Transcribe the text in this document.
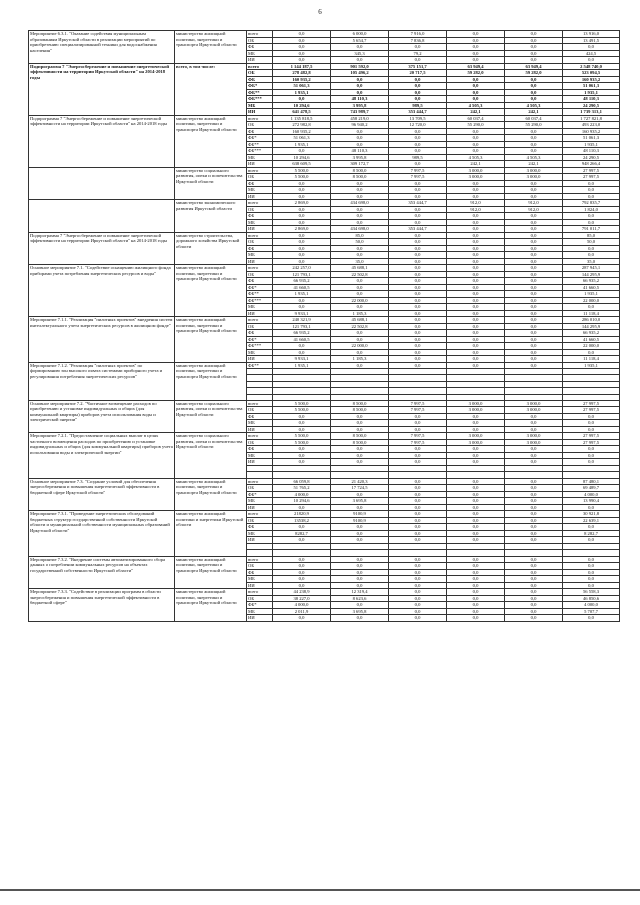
6
Мероприятие 6.3.1. "Оказание содействия муниципальным образованиям Иркутской области в реализации мероприятий по приобретению специализированной техники для водоснабжения населения"	министерство жилищной политики, энергетики и транспорта Иркутской области	всего	0,0	6 000,0	7 916,0	0,0	0,0	13 916,0
		ОБ	0,0	5 654,7	7 836,8	0,0	0,0	13 491,5
		ФБ	0,0	0,0	0,0	0,0	0,0	0,0
		МБ	0,0	345,3	79,2	0,0	0,0	424,5
		ИИ	0,0	0,0	0,0	0,0	0,0	0,0
Подпрограмма 7 "Энергосбережение и повышение энергетической эффективности на территории Иркутской области" на 2014-2018 годы	всего, в том числе:	всего	1 144 187,5	901 592,0	375 151,7	63 949,4	63 949,4	2 548 740,0
		ОБ	278 482,8	105 496,2	20 717,5	59 282,0	59 282,0	523 094,5
		ФБ	160 935,2	0,0	0,0	0,0	0,0	160 935,2
		ФБ*	51 061,3	0,0	0,0	0,0	0,0	51 061,3
		ФБ**	1 935,1	0,0	0,0	0,0	0,0	1 935,1
		ФБ***	0,0	48 110,3	0,0	0,0	0,0	48 110,3
		МБ	10 294,6	3 995,8	989,5	4 505,3	4 505,3	24 290,5
		ИИ	641 478,5	743 989,7	353 444,7	242,1	242,1	1 739 313,1
Подпрограмма 7 "Энергосбережение и повышение энергетической эффективности на территории Иркутской области" на 2014-2018 годы	министерство жилищной политики, энергетики и транспорта Иркутской области	всего	1 135 818,5	458 219,0	13 709,5	60 037,4	60 037,4	1 727 821,8
		ОБ	272 982,8	96 940,2	12 720,0	55 290,0	55 290,0	493 223,0
		ФБ	160 935,2	0,0	0,0	0,0	0,0	160 935,2
		ФБ*	51 061,3	0,0	0,0	0,0	0,0	51 061,3
		ФБ**	1 935,1	0,0	0,0	0,0	0,0	1 935,1
		ФБ***	0,0	48 110,3	0,0	0,0	0,0	48 110,3
		МБ	10 294,6	3 995,8	989,5	4 505,3	4 505,3	24 290,5
		ИИ	638 609,5	309 172,7	0,0	242,1	242,1	948 266,4
	министерство социального развития, опеки и попечительства Иркутской области	всего	5 500,0	8 500,0	7 997,5	3 000,0	3 000,0	27 997,5
		ОБ	5 500,0	8 500,0	7 997,5	3 000,0	3 000,0	27 997,5
		ФБ	0,0	0,0	0,0	0,0	0,0	0,0
		МБ	0,0	0,0	0,0	0,0	0,0	0,0
		ИИ	0,0	0,0	0,0	0,0	0,0	0,0
	министерство экономического развития Иркутской области	всего	2 869,0	434 698,0	353 444,7	912,0	912,0	792 835,7
		ОБ	0,0	0,0	0,0	912,0	912,0	1 824,0
		ФБ	0,0	0,0	0,0	0,0	0,0	0,0
		МБ	0,0	0,0	0,0	0,0	0,0	0,0
		ИИ	2 869,0	434 698,0	353 444,7	0,0	0,0	791 011,7
Подпрограмма 7 "Энергосбережение и повышение энергетической эффективности на территории Иркутской области" на 2014-2018 годы	министерство строительства, дорожного хозяйства Иркутской области	всего	0,0	85,0	0,0	0,0	0,0	85,0
		ОБ	0,0	50,0	0,0	0,0	0,0	50,0
		ФБ	0,0	0,0	0,0	0,0	0,0	0,0
		МБ	0,0	0,0	0,0	0,0	0,0	0,0
		ИИ	0,0	35,0	0,0	0,0	0,0	35,0
Основное мероприятие 7.1. "Содействие оснащению жилищного фонда приборами учета потребления энергетических ресурсов и воды"	министерство жилищной политики, энергетики и транспорта Иркутской области	всего	242 257,0	45 688,1	0,0	0,0	0,0	287 945,1
		ОБ	121 793,1	22 502,8	0,0	0,0	0,0	144 295,9
		ФБ	66 935,2	0,0	0,0	0,0	0,0	66 935,2
		ФБ*	41 660,5	0,0	0,0	0,0	0,0	41 660,5
		ФБ**	1 935,1	0,0	0,0	0,0	0,0	1 935,1
		ФБ***	0,0	22 000,0	0,0	0,0	0,0	22 000,0
		МБ	0,0	0,0	0,0	0,0	0,0	0,0
		ИИ	9 933,1	1 185,3	0,0	0,0	0,0	11 118,4
Мероприятие 7.1.1. "Реализация "пилотных проектов" внедрения систем интеллектуального учета энергетических ресурсов в жилищном фонде"	министерство жилищной политики, энергетики и транспорта Иркутской области	всего	240 321,9	45 688,1	0,0	0,0	0,0	286 010,0
		ОБ	121 793,1	22 502,8	0,0	0,0	0,0	144 295,9
		ФБ	66 935,2	0,0	0,0	0,0	0,0	66 935,2
		ФБ*	41 660,5	0,0	0,0	0,0	0,0	41 660,5
		ФБ***	0,0	22 000,0	0,0	0,0	0,0	22 000,0
		МБ	0,0	0,0	0,0	0,0	0,0	0,0
		ИИ	9 933,1	1 185,3	0,0	0,0	0,0	11 118,4
Мероприятие 7.1.2. "Реализация "пилотных проектов" по формированию зон высокого охвата системами приборного учета и регулирования потребления энергетических ресурсов"	министерство жилищной политики, энергетики и транспорта Иркутской области	ФБ**	1 935,1	0,0	0,0	0,0	0,0	1 935,1

Основное мероприятие 7.2. "Частичное возмещение расходов по приобретению и установке индивидуальных и общих (для коммунальной квартиры) приборов учета использования воды и электрической энергии"	министерство социального развития, опеки и попечительства Иркутской области	всего	5 500,0	8 500,0	7 997,5	3 000,0	3 000,0	27 997,5
		ОБ	5 500,0	8 500,0	7 997,5	3 000,0	3 000,0	27 997,5
		ФБ	0,0	0,0	0,0	0,0	0,0	0,0
		МБ	0,0	0,0	0,0	0,0	0,0	0,0
		ИИ	0,0	0,0	0,0	0,0	0,0	0,0
Мероприятие 7.2.1. "Предоставление социальных выплат в целях частичного возмещения расходов по приобретению и установке индивидуальных и общих (для коммунальной квартиры) приборов учета использования воды и электрической энергии"	министерство социального развития, опеки и попечительства Иркутской области	всего	5 500,0	8 500,0	7 997,5	3 000,0	3 000,0	27 997,5
		ОБ	5 500,0	8 500,0	7 997,5	3 000,0	3 000,0	27 997,5
		ФБ	0,0	0,0	0,0	0,0	0,0	0,0
		МБ	0,0	0,0	0,0	0,0	0,0	0,0
		ИИ	0,0	0,0	0,0	0,0	0,0	0,0

Основное мероприятие 7.3. "Создание условий для обеспечения энергосбережения и повышения энергетической эффективности в бюджетной сфере Иркутской области"	министерство жилищной политики, энергетики и транспорта Иркутской области	всего	66 059,8	21 420,3	0,0	0,0	0,0	87 480,1
		ОБ	51 765,2	17 724,5	0,0	0,0	0,0	69 489,7
		ФБ*	4 000,0	0,0	0,0	0,0	0,0	4 000,0
		МБ	10 294,6	3 695,8	0,0	0,0	0,0	13 990,4
		ИИ	0,0	0,0	0,0	0,0	0,0	0,0
Мероприятие 7.3.1. "Проведение энергетических обследований бюджетных структур государственной собственности Иркутской области и муниципальной собственности муниципальных образований Иркутской области"	министерство жилищной политики и энергетики Иркутской области	всего	21820,9	9100,9	0,0	0,0	0,0	30 921,8
		ОБ	13538,2	9100,9	0,0	0,0	0,0	22 639,1
		ФБ	0,0	0,0	0,0	0,0	0,0	0,0
		МБ	8282,7	0,0	0,0	0,0	0,0	8 282,7
		ИИ	0,0	0,0	0,0	0,0	0,0	0,0

Мероприятие 7.3.2. "Внедрение системы автоматизированного сбора данных о потреблении коммунальных ресурсов на объектах государственной собственности Иркутской области"	министерство жилищной политики, энергетики и транспорта Иркутской области	всего	0,0	0,0	0,0	0,0	0,0	0,0
		ОБ	0,0	0,0	0,0	0,0	0,0	0,0
		ФБ	0,0	0,0	0,0	0,0	0,0	0,0
		МБ	0,0	0,0	0,0	0,0	0,0	0,0
		ИИ	0,0	0,0	0,0	0,0	0,0	0,0
Мероприятие 7.3.3. "Содействие в реализации программ в области энергосбережения и повышения энергетической эффективности в бюджетной сфере"	министерство жилищной политики, энергетики и транспорта Иркутской области	всего	44 238,9	12 319,4	0,0	0,0	0,0	56 558,3
		ОБ	38 227,0	8 623,6	0,0	0,0	0,0	46 850,6
		ФБ*	4 000,0	0,0	0,0	0,0	0,0	4 000,0
		МБ	2 011,9	3 695,8	0,0	0,0	0,0	5 707,7
		ИИ	0,0	0,0	0,0	0,0	0,0	0,0
